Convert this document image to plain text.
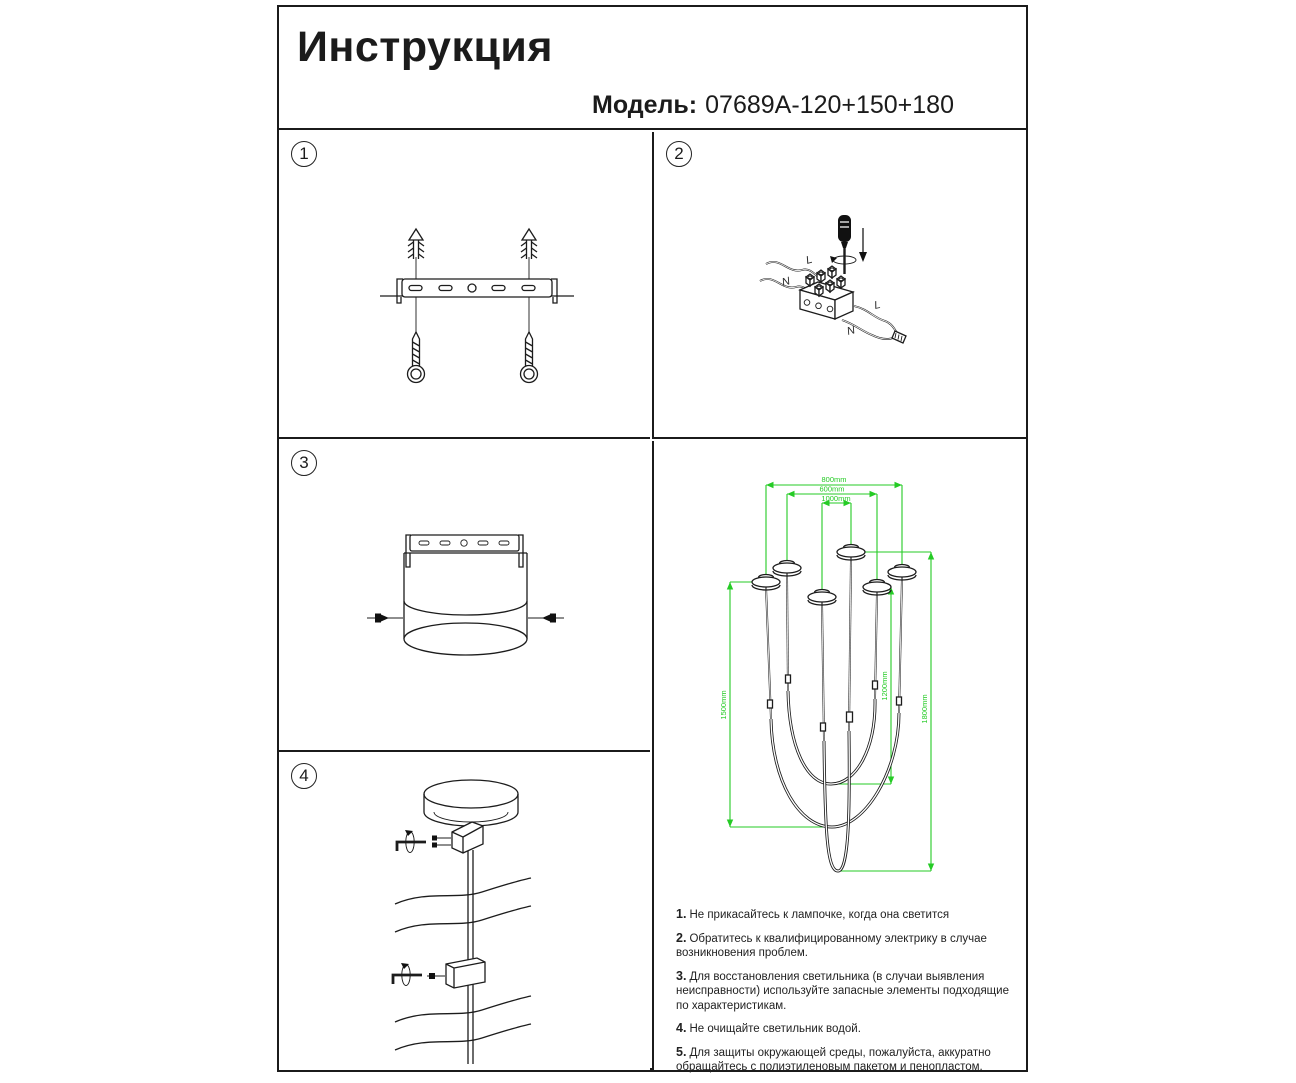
Инструкция
Модель: 07689A-120+150+180
1	2
L
N
L
N
3
4
800mm
600mm
1000mm
1500mm
1200mm
1800mm
1. Не прикасайтесь к лампочке, когда она светится
2. Обратитесь к квалифицированному электрику в случае возникновения проблем.
3. Для восстановления светильника (в случаи выявления неисправности) используйте запасные элементы подходящие по характеристикам.
4. Не очищайте светильник водой.
5. Для защиты окружающей среды, пожалуйста, аккуратно обращайтесь с полиэтиленовым пакетом и пенопластом.
